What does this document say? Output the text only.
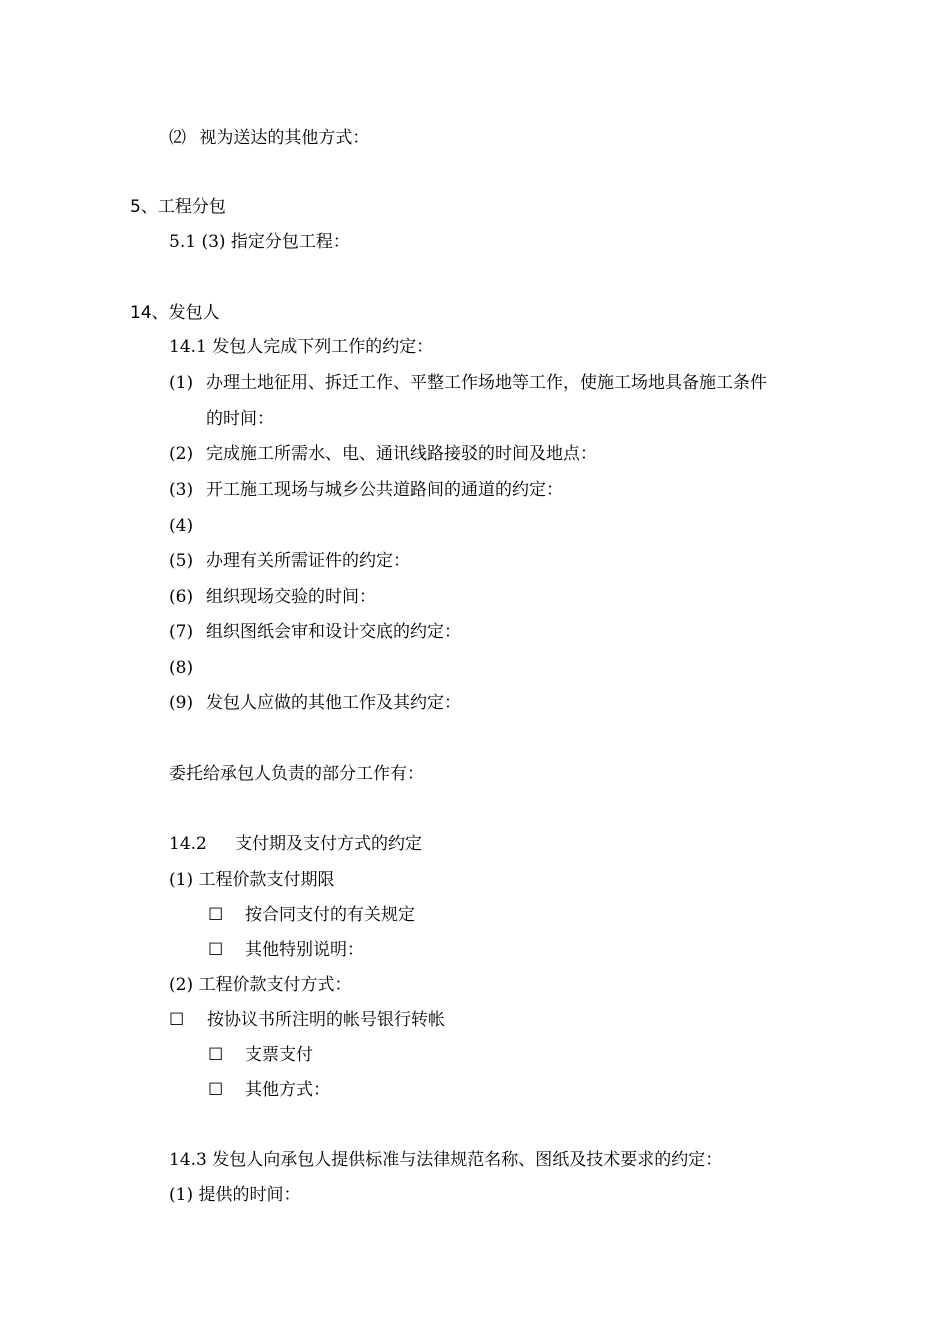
⑵ 视为送达的其他方式：
5、工程分包
5.1 (3) 指定分包工程：
14、发包人
14.1 发包人完成下列工作的约定：
(1) 办理土地征用、拆迁工作、平整工作场地等工作，使施工场地具备施工条件
的时间：
(2) 完成施工所需水、电、通讯线路接驳的时间及地点：
(3) 开工施工现场与城乡公共道路间的通道的约定：
(4)
(5) 办理有关所需证件的约定：
(6) 组织现场交验的时间：
(7) 组织图纸会审和设计交底的约定：
(8)
(9) 发包人应做的其他工作及其约定：
委托给承包人负责的部分工作有：
14.2 支付期及支付方式的约定
(1) 工程价款支付期限
☐ 按合同支付的有关规定
☐ 其他特别说明：
(2) 工程价款支付方式：
☐ 按协议书所注明的帐号银行转帐
☐ 支票支付
☐ 其他方式：
14.3 发包人向承包人提供标准与法律规范名称、图纸及技术要求的约定：
(1) 提供的时间：
